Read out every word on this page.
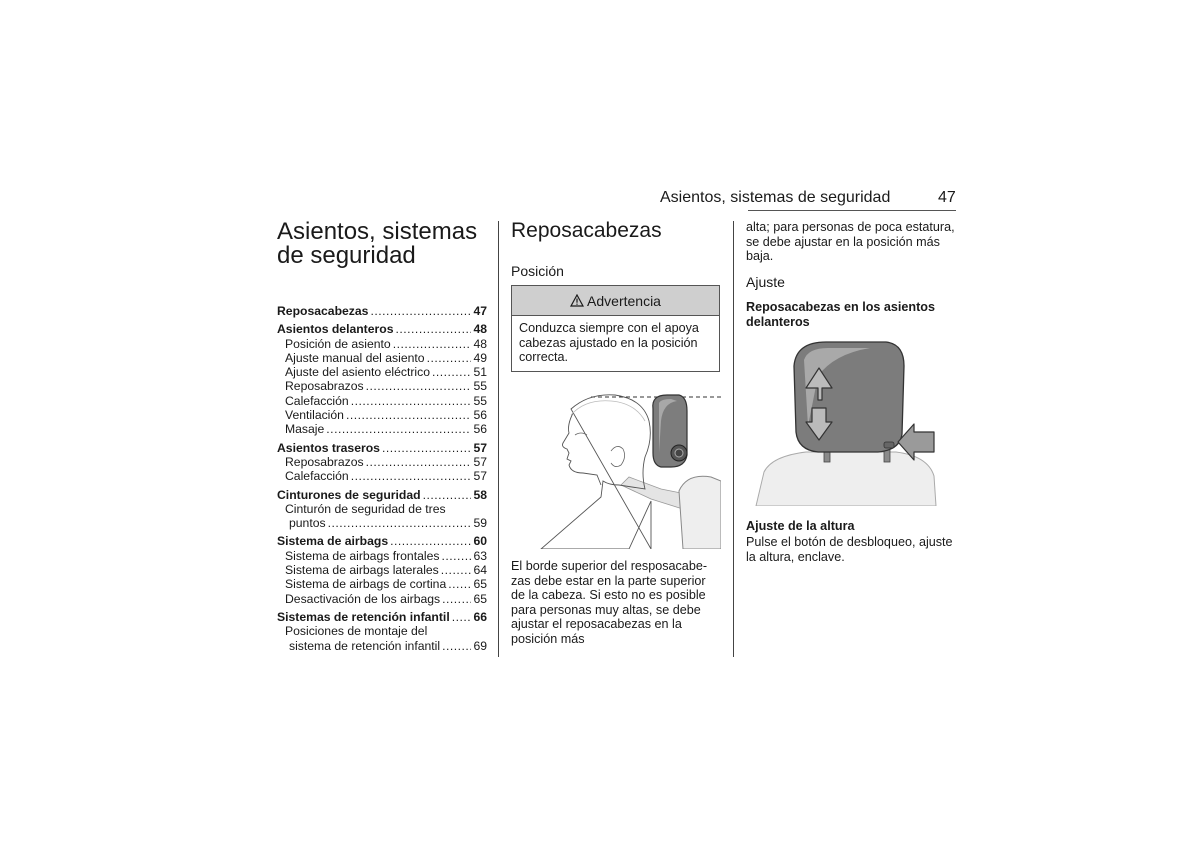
Asientos, sistemas de seguridad	47
Asientos, sistemas de seguridad
Reposacabezas .....	47
Asientos delanteros .....	48
Posición de asiento .....	48
Ajuste manual del asiento .....	49
Ajuste del asiento eléctrico .....	51
Reposabrazos .....	55
Calefacción .....	55
Ventilación .....	56
Masaje .....	56
Asientos traseros .....	57
Reposabrazos .....	57
Calefacción .....	57
Cinturones de seguridad .....	58
Cinturón de seguridad de tres
puntos .....	59
Sistema de airbags .....	60
Sistema de airbags frontales .....	63
Sistema de airbags laterales .....	64
Sistema de airbags de cortina ..... 65
Desactivación de los airbags .....	65
Sistemas de retención infantil ..... 66
Posiciones de montaje del
sistema de retención infantil .....	69
Reposacabezas
Posición
Advertencia
Conduzca siempre con el apoya cabezas ajustado en la posición correcta.
El borde superior del resposacabe-zas debe estar en la parte superior de la cabeza. Si esto no es posible para personas muy altas, se debe ajustar el reposacabezas en la posición más
alta; para personas de poca estatura, se debe ajustar en la posición más baja.
Ajuste
Reposacabezas en los asientos delanteros
Ajuste de la altura
Pulse el botón de desbloqueo, ajuste la altura, enclave.
